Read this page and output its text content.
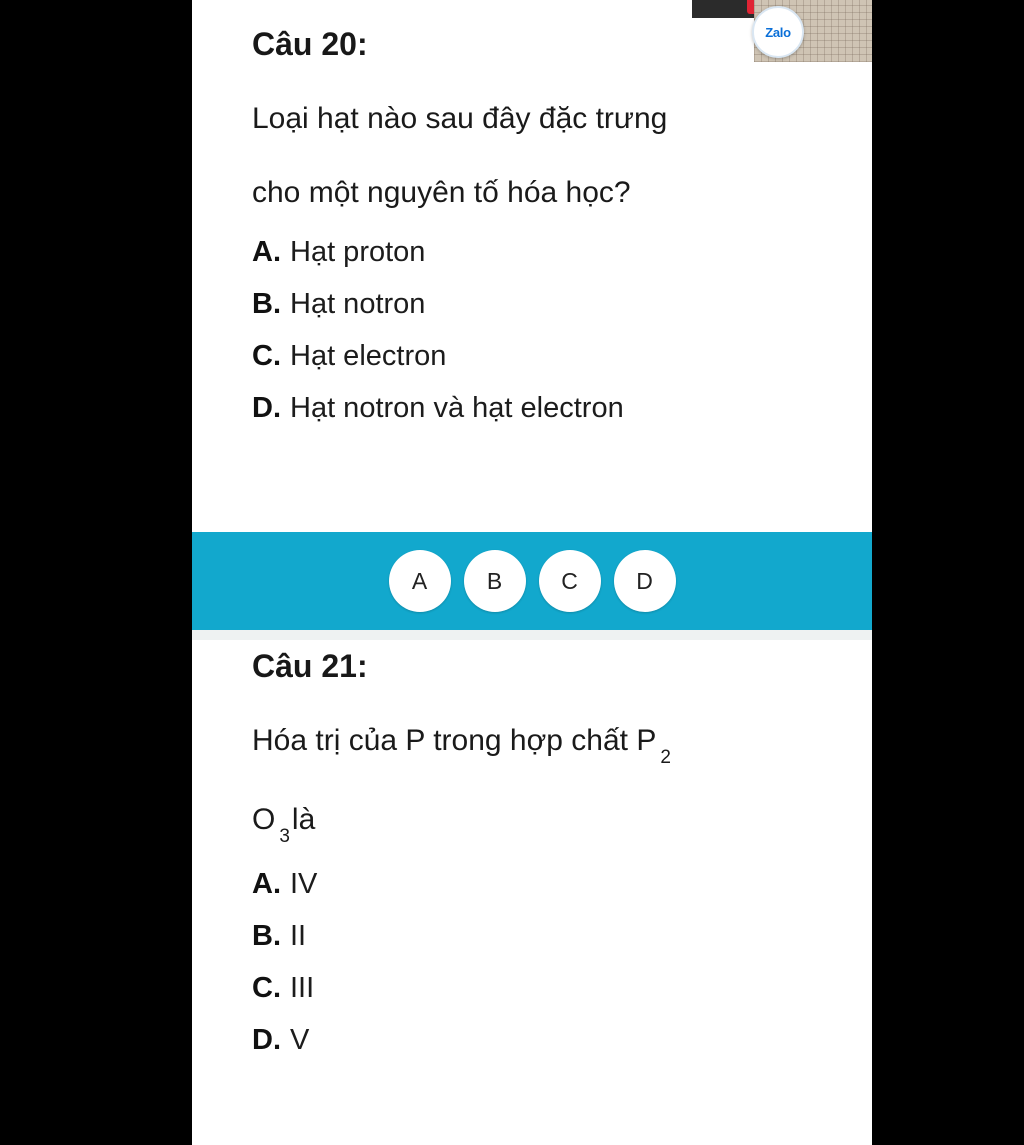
Câu 20:
Loại hạt nào sau đây đặc trưng
cho một nguyên tố hóa học?
A. Hạt proton
B. Hạt notron
C. Hạt electron
D. Hạt notron và hạt electron
Câu 21:
Hóa trị của P trong hợp chất $P_2$
$O_3là$
A. IV
B. II
C. III
D. V
Zalo
A	B	C	D
